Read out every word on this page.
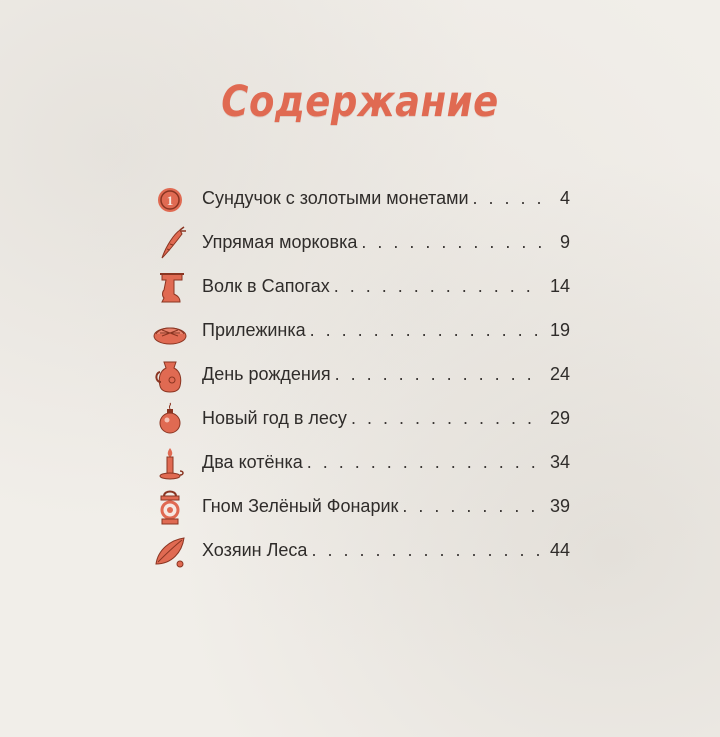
Содержание
1 Сундучок с золотыми монетами . . .	4
Упрямая морковка . . .	9
Волк в Сапогах . . .	14
Прилежинка . . .	19
День рождения . . .	24
Новый год в лесу . . .	29
Два котёнка . . .	34
Гном Зелёный Фонарик . . .	39
Хозяин Леса . . .	44
